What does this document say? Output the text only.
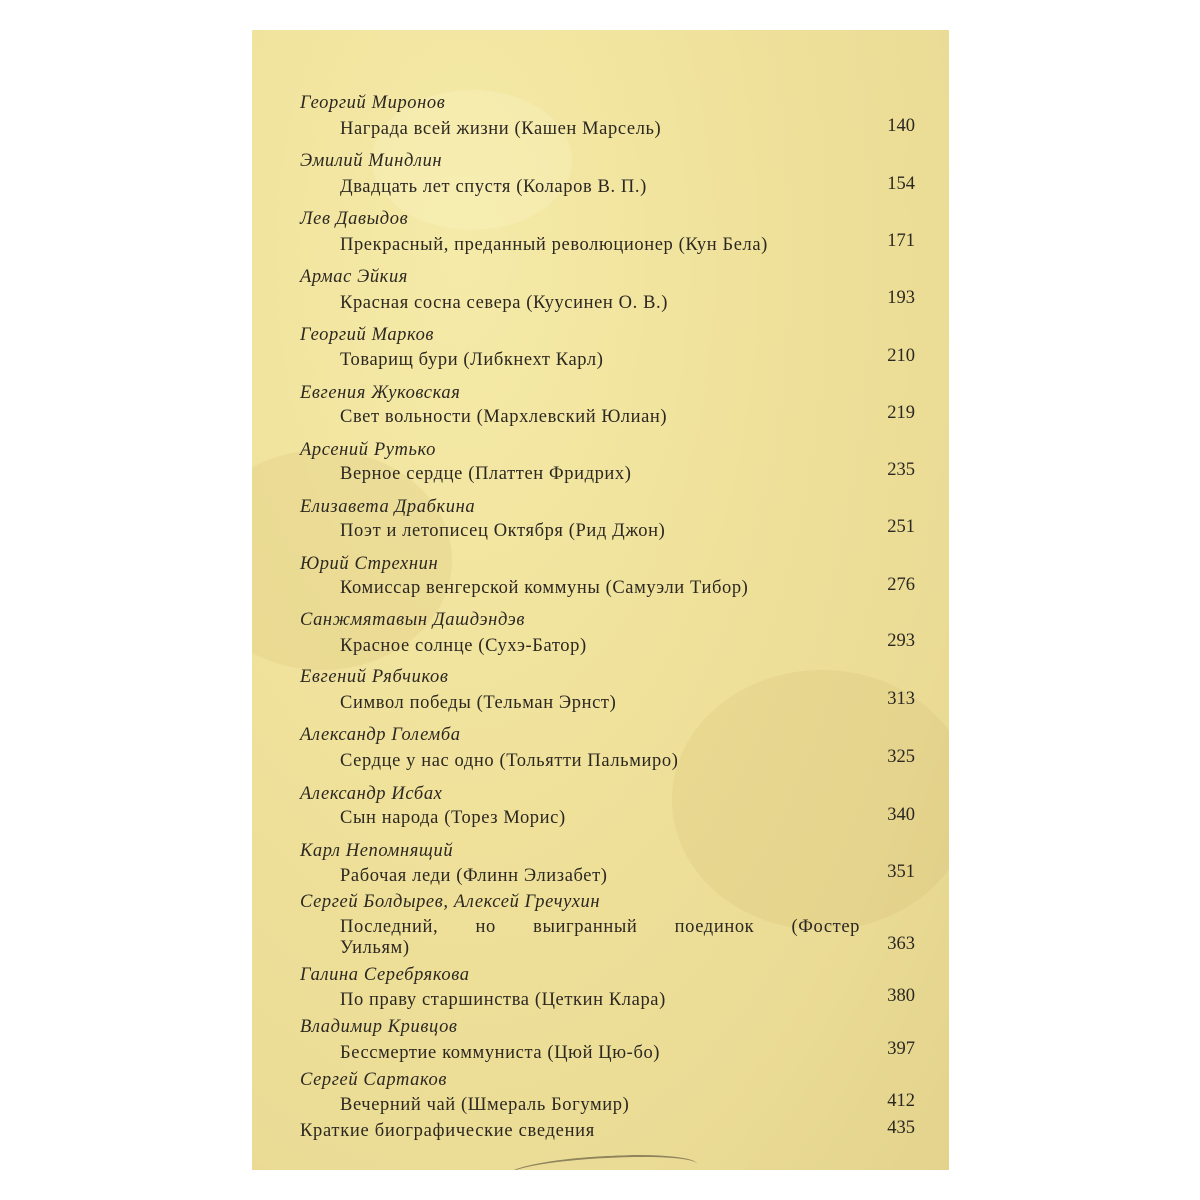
Георгий Миронов
Награда всей жизни (Кашен Марсель)	140
Эмилий Миндлин
Двадцать лет спустя (Коларов В. П.)	154
Лев Давыдов
Прекрасный, преданный революционер (Кун Бела)	171
Армас Эйкия
Красная сосна севера (Куусинен О. В.)	193
Георгий Марков
Товарищ бури (Либкнехт Карл)	210
Евгения Жуковская
Свет вольности (Мархлевский Юлиан)	219
Арсений Рутько
Верное сердце (Платтен Фридрих)	235
Елизавета Драбкина
Поэт и летописец Октября (Рид Джон)	251
Юрий Стрехнин
Комиссар венгерской коммуны (Самуэли Тибор)	276
Санжмятавын Дашдэндэв
Красное солнце (Сухэ-Батор)	293
Евгений Рябчиков
Символ победы (Тельман Эрнст)	313
Александр Големба
Сердце у нас одно (Тольятти Пальмиро)	325
Александр Исбах
Сын народа (Торез Морис)	340
Карл Непомнящий
Рабочая леди (Флинн Элизабет)	351
Сергей Болдырев, Алексей Гречухин
Последний, но выигранный поединок (Фостер Уильям)	363
Галина Серебрякова
По праву старшинства (Цеткин Клара)	380
Владимир Кривцов
Бессмертие коммуниста (Цюй Цю-бо)	397
Сергей Сартаков
Вечерний чай (Шмераль Богумир)	412
Краткие биографические сведения	435
